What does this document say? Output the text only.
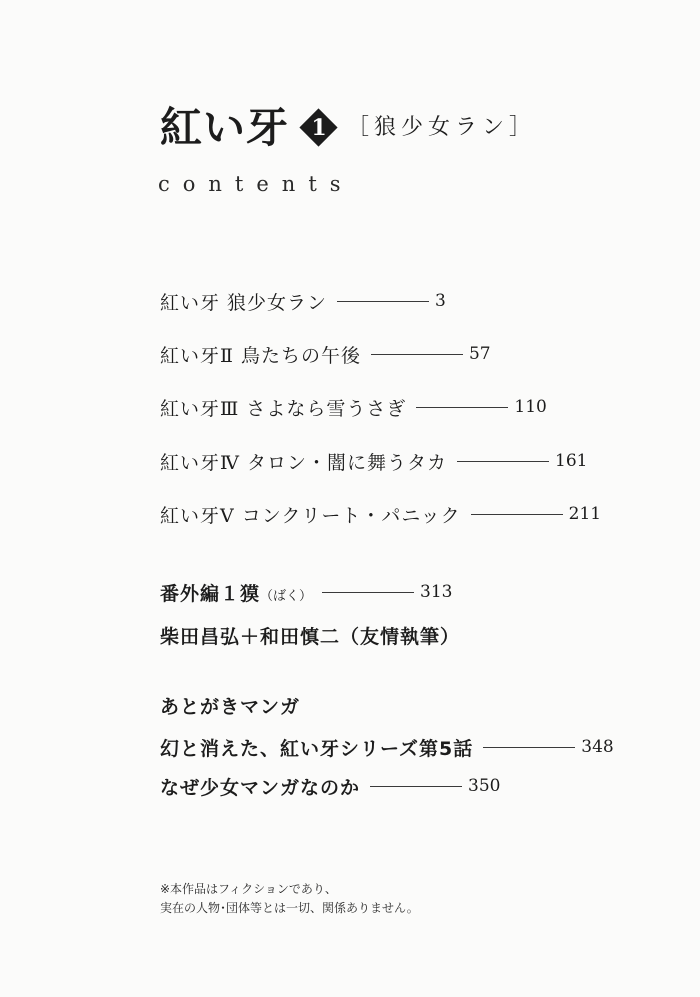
紅い牙	1 ［狼少女ラン］
contents
紅い牙 狼少女ラン	3
紅い牙Ⅱ 鳥たちの午後	57
紅い牙Ⅲ さよなら雪うさぎ	110
紅い牙Ⅳ タロン・闇に舞うタカ	161
紅い牙Ⅴ コンクリート・パニック	211
番外編１獏（ばく）	313
柴田昌弘＋和田慎二（友情執筆）
あとがきマンガ
幻と消えた、紅い牙シリーズ第5話	348
なぜ少女マンガなのか	350
※本作品はフィクションであり、
実在の人物･団体等とは一切、関係ありません。
